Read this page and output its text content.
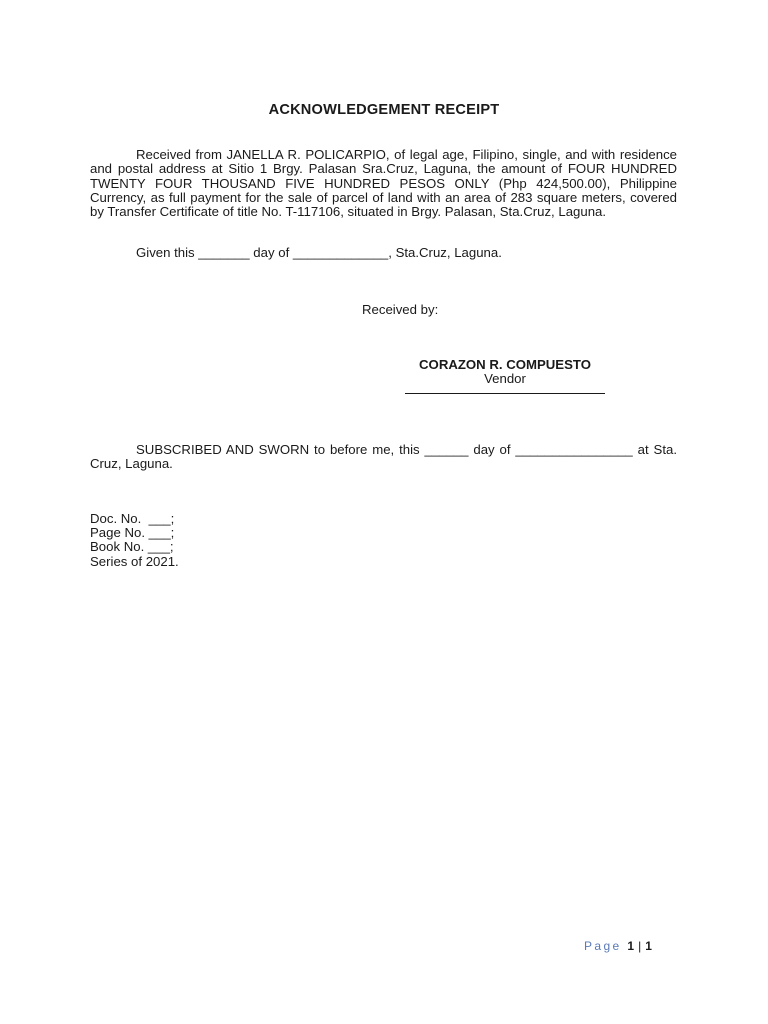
ACKNOWLEDGEMENT RECEIPT
Received from JANELLA R. POLICARPIO, of legal age, Filipino, single, and with residence and postal address at Sitio 1 Brgy. Palasan Sra.Cruz, Laguna, the amount of FOUR HUNDRED TWENTY FOUR THOUSAND FIVE HUNDRED PESOS ONLY (Php 424,500.00), Philippine Currency, as full payment for the sale of parcel of land with an area of 283 square meters, covered by Transfer Certificate of title No. T-117106, situated in Brgy. Palasan, Sta.Cruz, Laguna.
Given this _______ day of _____________, Sta.Cruz, Laguna.
Received by:
CORAZON R. COMPUESTO
Vendor
SUBSCRIBED AND SWORN to before me, this ______ day of ________________ at Sta. Cruz, Laguna.
Doc. No.  ___;
Page No. ___;
Book No. ___;
Series of 2021.
Page 1 | 1
